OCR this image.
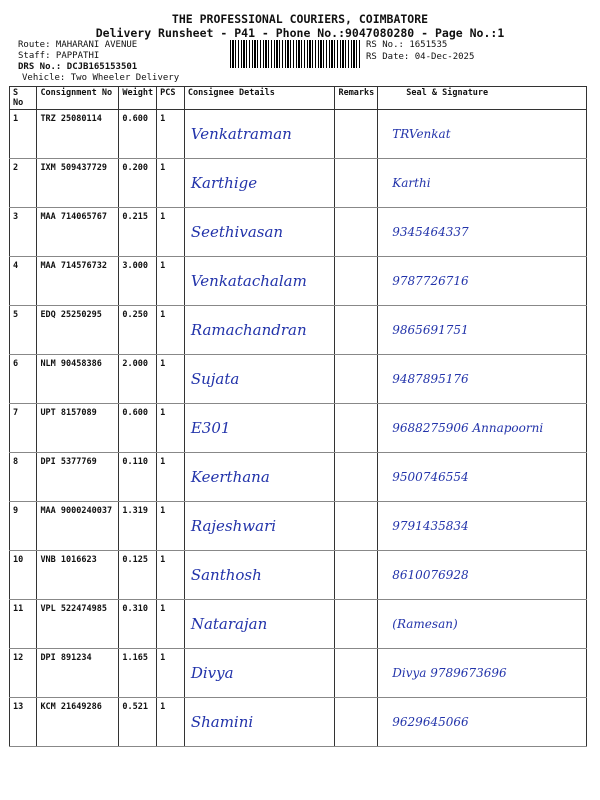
THE PROFESSIONAL COURIERS, COIMBATORE
Delivery Runsheet - P41 - Phone No.:9047080280 - Page No.:1
Route: MAHARANI AVENUE
Staff: PAPPATHI
DRS No.: DCJB165153501
Vehicle: Two Wheeler Delivery
RS No.: 1651535
RS Date: 04-Dec-2025
S No	Consignment No	Weight	PCS	Consignee Details	Remarks	Seal & Signature
1	TRZ 25080114	0.600	1	Venkatraman		TRVenkat
2	IXM 509437729	0.200	1	Karthige		Karthi
3	MAA 714065767	0.215	1	Seethivasan		9345464337
4	MAA 714576732	3.000	1	Venkatachalam		9787726716
5	EDQ 25250295	0.250	1	Ramachandran		9865691751
6	NLM 90458386	2.000	1	Sujata		9487895176
7	UPT 8157089	0.600	1	E301		9688275906 Annapoorni
8	DPI 5377769	0.110	1	Keerthana		9500746554
9	MAA 9000240037	1.319	1	Rajeshwari		9791435834
10	VNB 1016623	0.125	1	Santhosh		8610076928
11	VPL 522474985	0.310	1	Natarajan		(Ramesan)
12	DPI 891234	1.165	1	Divya		Divya 9789673696
13	KCM 21649286	0.521	1	Shamini		9629645066
